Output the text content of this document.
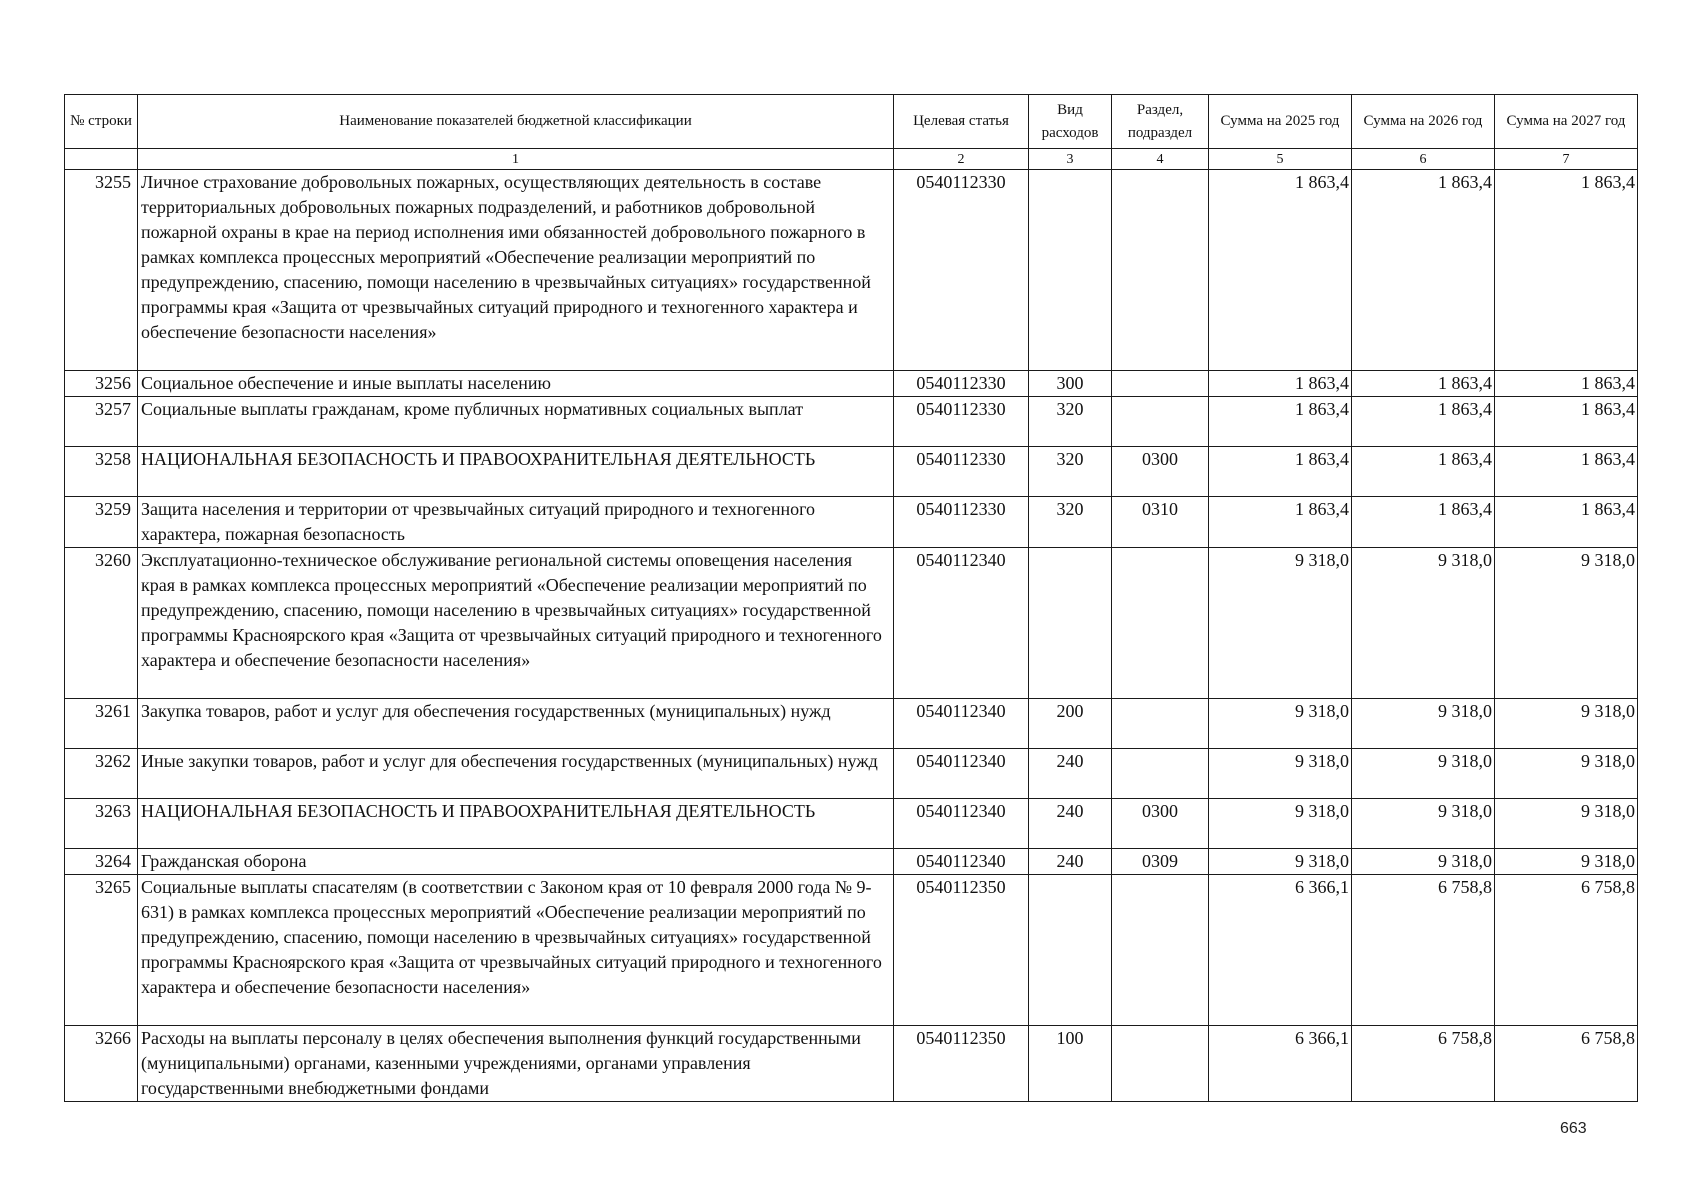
№ строки	Наименование показателей бюджетной классификации	Целевая статья	Вид расходов	Раздел, подраздел	Сумма на 2025 год	Сумма на 2026 год	Сумма на 2027 год
	1	2	3	4	5	6	7
3255	Личное страхование добровольных пожарных, осуществляющих деятельность в составе территориальных добровольных пожарных подразделений, и работников добровольной пожарной охраны в крае на период исполнения ими обязанностей добровольного пожарного в рамках комплекса процессных мероприятий «Обеспечение реализации мероприятий по предупреждению, спасению, помощи населению в чрезвычайных ситуациях» государственной программы края «Защита от чрезвычайных ситуаций природного и техногенного характера и обеспечение безопасности населения»	0540112330			1 863,4	1 863,4	1 863,4
3256	Социальное обеспечение и иные выплаты населению	0540112330	300		1 863,4	1 863,4	1 863,4
3257	Социальные выплаты гражданам, кроме публичных нормативных социальных выплат	0540112330	320		1 863,4	1 863,4	1 863,4
3258	НАЦИОНАЛЬНАЯ БЕЗОПАСНОСТЬ И ПРАВООХРАНИТЕЛЬНАЯ ДЕЯТЕЛЬНОСТЬ	0540112330	320	0300	1 863,4	1 863,4	1 863,4
3259	Защита населения и территории от чрезвычайных ситуаций природного и техногенного характера, пожарная безопасность	0540112330	320	0310	1 863,4	1 863,4	1 863,4
3260	Эксплуатационно-техническое обслуживание региональной системы оповещения населения края в рамках комплекса процессных мероприятий «Обеспечение реализации мероприятий по предупреждению, спасению, помощи населению в чрезвычайных ситуациях» государственной программы Красноярского края «Защита от чрезвычайных ситуаций природного и техногенного характера и обеспечение безопасности населения»	0540112340			9 318,0	9 318,0	9 318,0
3261	Закупка товаров, работ и услуг для обеспечения государственных (муниципальных) нужд	0540112340	200		9 318,0	9 318,0	9 318,0
3262	Иные закупки товаров, работ и услуг для обеспечения государственных (муниципальных) нужд	0540112340	240		9 318,0	9 318,0	9 318,0
3263	НАЦИОНАЛЬНАЯ БЕЗОПАСНОСТЬ И ПРАВООХРАНИТЕЛЬНАЯ ДЕЯТЕЛЬНОСТЬ	0540112340	240	0300	9 318,0	9 318,0	9 318,0
3264	Гражданская оборона	0540112340	240	0309	9 318,0	9 318,0	9 318,0
3265	Социальные выплаты спасателям (в соответствии с Законом края от 10 февраля 2000 года № 9-631) в рамках комплекса процессных мероприятий «Обеспечение реализации мероприятий по предупреждению, спасению, помощи населению в чрезвычайных ситуациях» государственной программы Красноярского края «Защита от чрезвычайных ситуаций природного и техногенного характера и обеспечение безопасности населения»	0540112350			6 366,1	6 758,8	6 758,8
3266	Расходы на выплаты персоналу в целях обеспечения выполнения функций государственными (муниципальными) органами, казенными учреждениями, органами управления государственными внебюджетными фондами	0540112350	100		6 366,1	6 758,8	6 758,8
663
